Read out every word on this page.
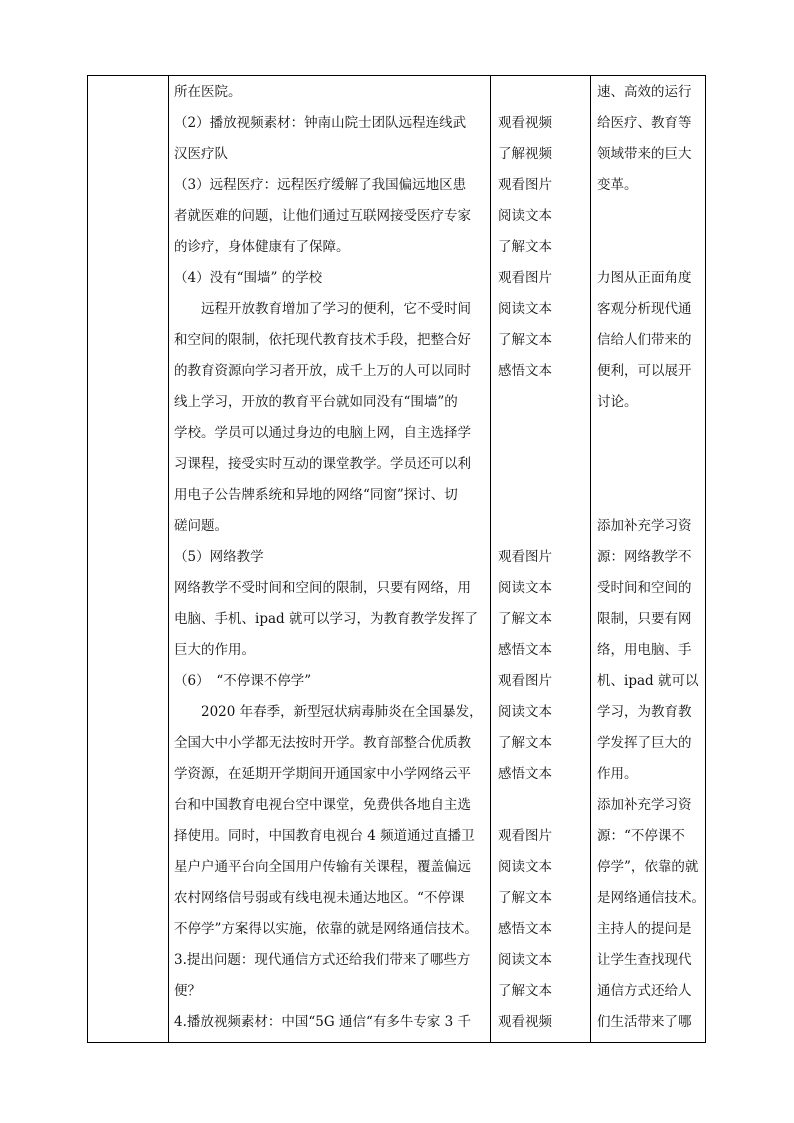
所在医院。
（2）播放视频素材：钟南山院士团队远程连线武
汉医疗队
（3）远程医疗：远程医疗缓解了我国偏远地区患
者就医难的问题，让他们通过互联网接受医疗专家
的诊疗，身体健康有了保障。
（4）没有“围墙” 的学校
　　远程开放教育增加了学习的便利，它不受时间
和空间的限制，依托现代教育技术手段，把整合好
的教育资源向学习者开放，成千上万的人可以同时
线上学习，开放的教育平台就如同没有“围墙”的
学校。学员可以通过身边的电脑上网，自主选择学
习课程，接受实时互动的课堂教学。学员还可以利
用电子公告牌系统和异地的网络“同窗”探讨、切
磋问题。
（5）网络教学
网络教学不受时间和空间的限制，只要有网络，用
电脑、手机、ipad 就可以学习，为教育教学发挥了
巨大的作用。
（6）　“不停课不停学”
　　2020 年春季，新型冠状病毒肺炎在全国暴发，
全国大中小学都无法按时开学。教育部整合优质教
学资源，在延期开学期间开通国家中小学网络云平
台和中国教育电视台空中课堂，免费供各地自主选
择使用。同时，中国教育电视台 4 频道通过直播卫
星户户通平台向全国用户传输有关课程，覆盖偏远
农村网络信号弱或有线电视未通达地区。“不停课
不停学”方案得以实施，依靠的就是网络通信技术。
3.提出问题：现代通信方式还给我们带来了哪些方
便？
4.播放视频素材：中国“5G 通信“有多牛专家 3 千
观看视频
了解视频
观看图片
阅读文本
了解文本
观看图片
阅读文本
了解文本
感悟文本
观看图片
阅读文本
了解文本
感悟文本
观看图片
阅读文本
了解文本
感悟文本
观看图片
阅读文本
了解文本
感悟文本
阅读文本
了解文本
观看视频
速、高效的运行
给医疗、教育等
领域带来的巨大
变革。
力图从正面角度
客观分析现代通
信给人们带来的
便利，可以展开
讨论。
添加补充学习资
源：网络教学不
受时间和空间的
限制，只要有网
络，用电脑、手
机、ipad 就可以
学习，为教育教
学发挥了巨大的
作用。
添加补充学习资
源：“不停课不
停学”，依靠的就
是网络通信技术。
主持人的提问是
让学生查找现代
通信方式还给人
们生活带来了哪
